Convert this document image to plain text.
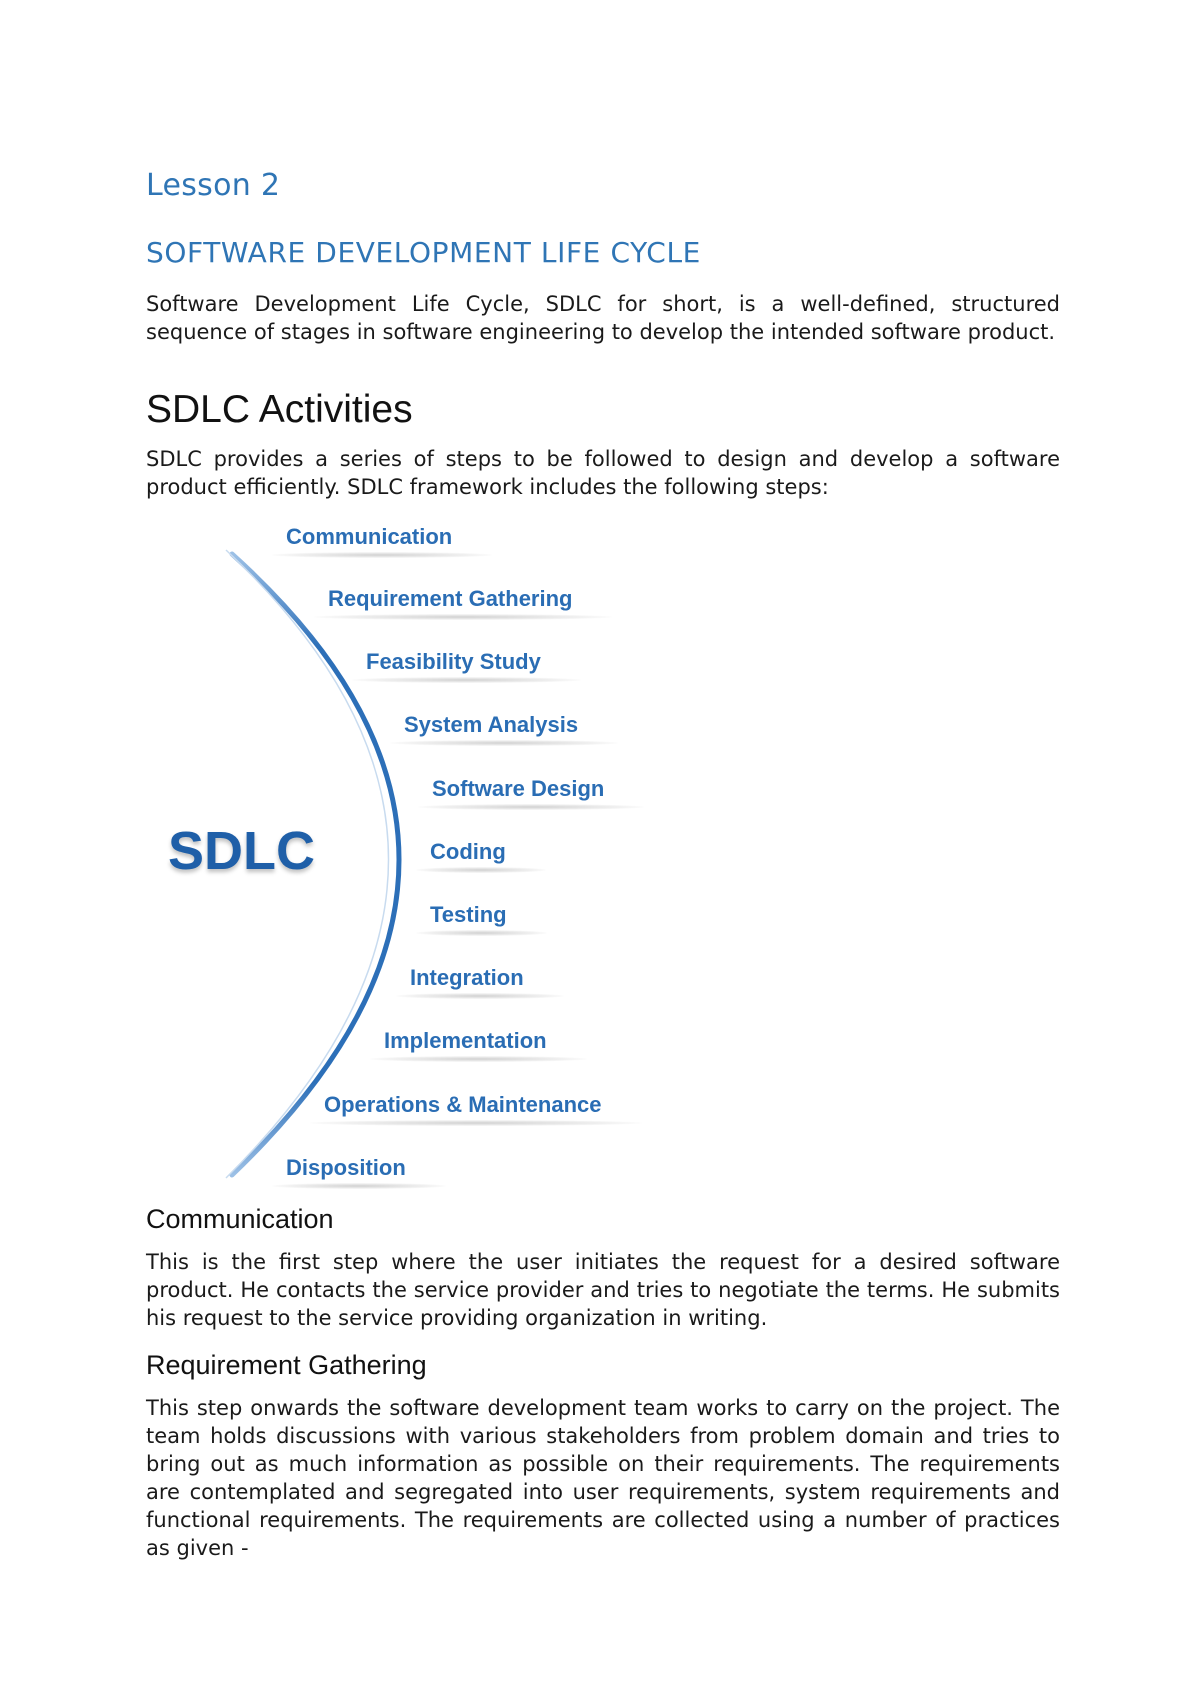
Lesson 2
SOFTWARE DEVELOPMENT LIFE CYCLE

Software Development Life Cycle, SDLC for short, is a well-defined, structured sequence of stages in software engineering to develop the intended software product.

SDLC Activities

SDLC provides a series of steps to be followed to design and develop a software product efficiently. SDLC framework includes the following steps:

SDLC
Communication
Requirement Gathering
Feasibility Study
System Analysis
Software Design
Coding
Testing
Integration
Implementation
Operations & Maintenance
Disposition
Communication

This is the first step where the user initiates the request for a desired software product. He contacts the service provider and tries to negotiate the terms. He submits his request to the service providing organization in writing.

Requirement Gathering

This step onwards the software development team works to carry on the project. The team holds discussions with various stakeholders from problem domain and tries to bring out as much information as possible on their requirements. The requirements are contemplated and segregated into user requirements, system requirements and functional requirements. The requirements are collected using a number of practices as given -
